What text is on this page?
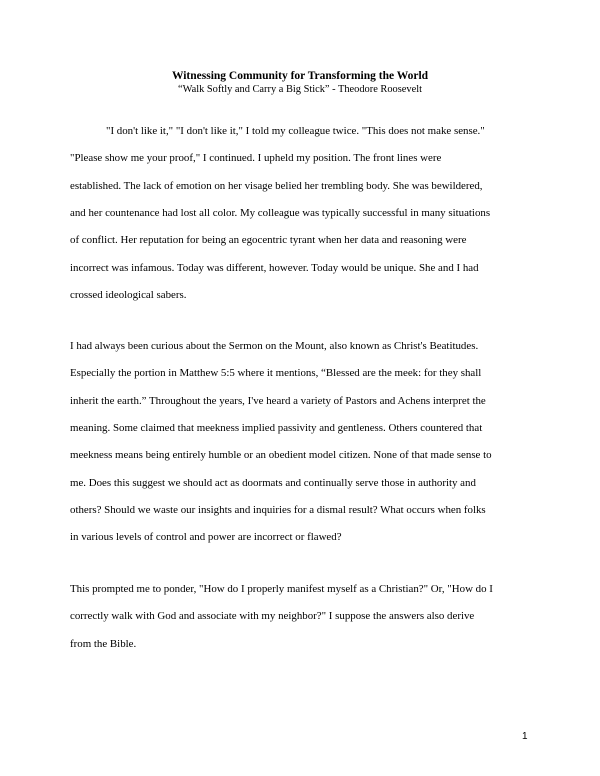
Witnessing Community for Transforming the World
“Walk Softly and Carry a Big Stick” - Theodore Roosevelt
"I don't like it," "I don't like it," I told my colleague twice. "This does not make sense."
"Please show me your proof," I continued. I upheld my position. The front lines were
established. The lack of emotion on her visage belied her trembling body. She was bewildered,
and her countenance had lost all color. My colleague was typically successful in many situations
of conflict. Her reputation for being an egocentric tyrant when her data and reasoning were
incorrect was infamous. Today was different, however. Today would be unique. She and I had
crossed ideological sabers.
I had always been curious about the Sermon on the Mount, also known as Christ's Beatitudes.
Especially the portion in Matthew 5:5 where it mentions, “Blessed are the meek: for they shall
inherit the earth.” Throughout the years, I've heard a variety of Pastors and Achens interpret the
meaning. Some claimed that meekness implied passivity and gentleness. Others countered that
meekness means being entirely humble or an obedient model citizen. None of that made sense to
me. Does this suggest we should act as doormats and continually serve those in authority and
others? Should we waste our insights and inquiries for a dismal result? What occurs when folks
in various levels of control and power are incorrect or flawed?
This prompted me to ponder, "How do I properly manifest myself as a Christian?" Or, "How do I
correctly walk with God and associate with my neighbor?" I suppose the answers also derive
from the Bible.
1
